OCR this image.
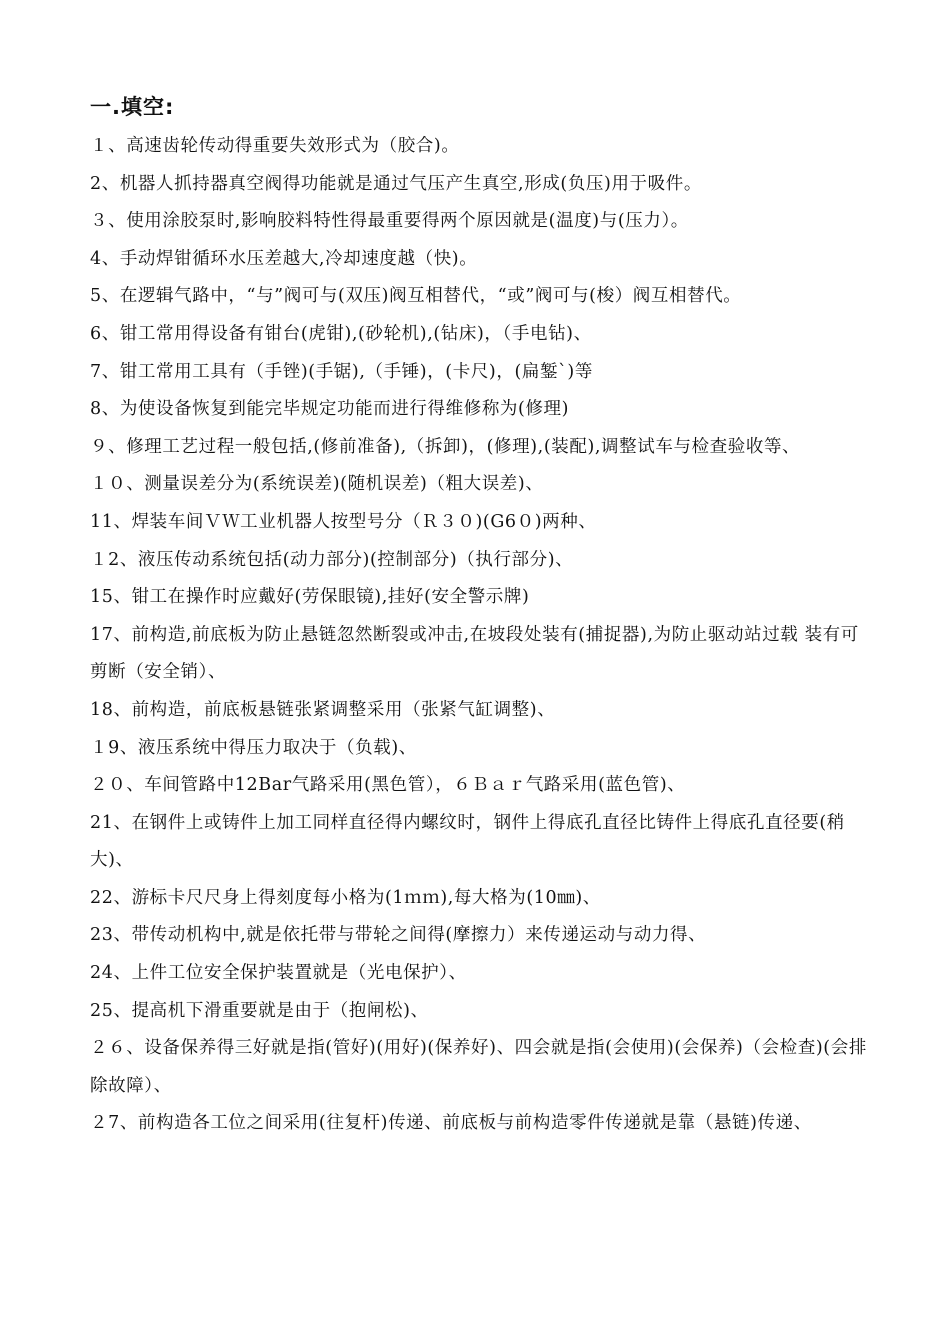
一.填空:

１、高速齿轮传动得重要失效形式为（胶合)。

2、机器人抓持器真空阀得功能就是通过气压产生真空,形成(负压)用于吸件。

３、使用涂胶泵时,影响胶料特性得最重要得两个原因就是(温度)与(压力）。

4、手动焊钳循环水压差越大,冷却速度越（快)。

5、在逻辑气路中，“与”阀可与(双压)阀互相替代，“或”阀可与(梭）阀互相替代。

6、钳工常用得设备有钳台(虎钳),(砂轮机),(钻床)，（手电钻)、

7、钳工常用工具有（手锉)(手锯),（手锤)，(卡尺)，(扁錾`)等

8、为使设备恢复到能完毕规定功能而进行得维修称为(修理)

９、修理工艺过程一般包括,(修前准备),（拆卸)，(修理),(装配),调整试车与检查验收等、

１０、测量误差分为(系统误差)(随机误差)（粗大误差)、

11、焊装车间ＶＷ工业机器人按型号分（Ｒ３０)(G6０)两种、

１2、液压传动系统包括(动力部分)(控制部分)（执行部分)、

15、钳工在操作时应戴好(劳保眼镜),挂好(安全警示牌)

17、前构造,前底板为防止悬链忽然断裂或冲击,在坡段处装有(捕捉器),为防止驱动站过载 装有可剪断（安全销）、

18、前构造，前底板悬链张紧调整采用（张紧气缸调整)、

１9、液压系统中得压力取决于（负载)、

２０、车间管路中12Bar气路采用(黑色管），６Ｂａｒ气路采用(蓝色管)、

21、在钢件上或铸件上加工同样直径得内螺纹时，钢件上得底孔直径比铸件上得底孔直径要(稍大)、

22、游标卡尺尺身上得刻度每小格为(1ｍｍ),每大格为(10㎜)、

23、带传动机构中,就是依托带与带轮之间得(摩擦力）来传递运动与动力得、

24、上件工位安全保护装置就是（光电保护）、

25、提高机下滑重要就是由于（抱闸松)、

２６、设备保养得三好就是指(管好)(用好)(保养好)、四会就是指(会使用)(会保养)（会检查)(会排除故障）、

２7、前构造各工位之间采用(往复杆)传递、前底板与前构造零件传递就是靠（悬链)传递、
